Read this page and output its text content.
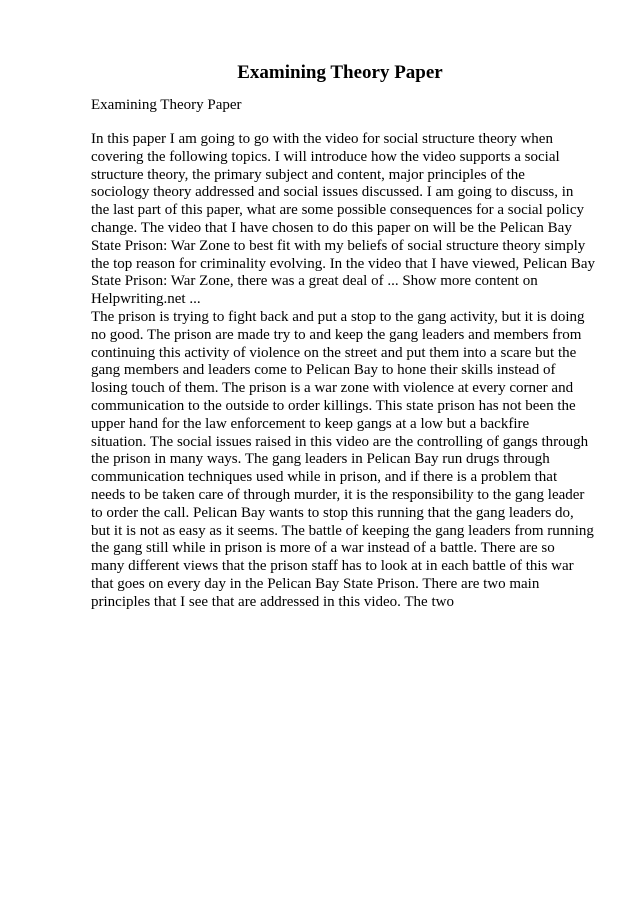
Examining Theory Paper
Examining Theory Paper
In this paper I am going to go with the video for social structure theory when
covering the following topics. I will introduce how the video supports a social
structure theory, the primary subject and content, major principles of the
sociology theory addressed and social issues discussed. I am going to discuss, in
the last part of this paper, what are some possible consequences for a social policy
change. The video that I have chosen to do this paper on will be the Pelican Bay
State Prison: War Zone to best fit with my beliefs of social structure theory simply
the top reason for criminality evolving. In the video that I have viewed, Pelican Bay
State Prison: War Zone, there was a great deal of ... Show more content on
Helpwriting.net ...
The prison is trying to fight back and put a stop to the gang activity, but it is doing
no good. The prison are made try to and keep the gang leaders and members from
continuing this activity of violence on the street and put them into a scare but the
gang members and leaders come to Pelican Bay to hone their skills instead of
losing touch of them. The prison is a war zone with violence at every corner and
communication to the outside to order killings. This state prison has not been the
upper hand for the law enforcement to keep gangs at a low but a backfire
situation. The social issues raised in this video are the controlling of gangs through
the prison in many ways. The gang leaders in Pelican Bay run drugs through
communication techniques used while in prison, and if there is a problem that
needs to be taken care of through murder, it is the responsibility to the gang leader
to order the call. Pelican Bay wants to stop this running that the gang leaders do,
but it is not as easy as it seems. The battle of keeping the gang leaders from running
the gang still while in prison is more of a war instead of a battle. There are so
many different views that the prison staff has to look at in each battle of this war
that goes on every day in the Pelican Bay State Prison. There are two main
principles that I see that are addressed in this video. The two
